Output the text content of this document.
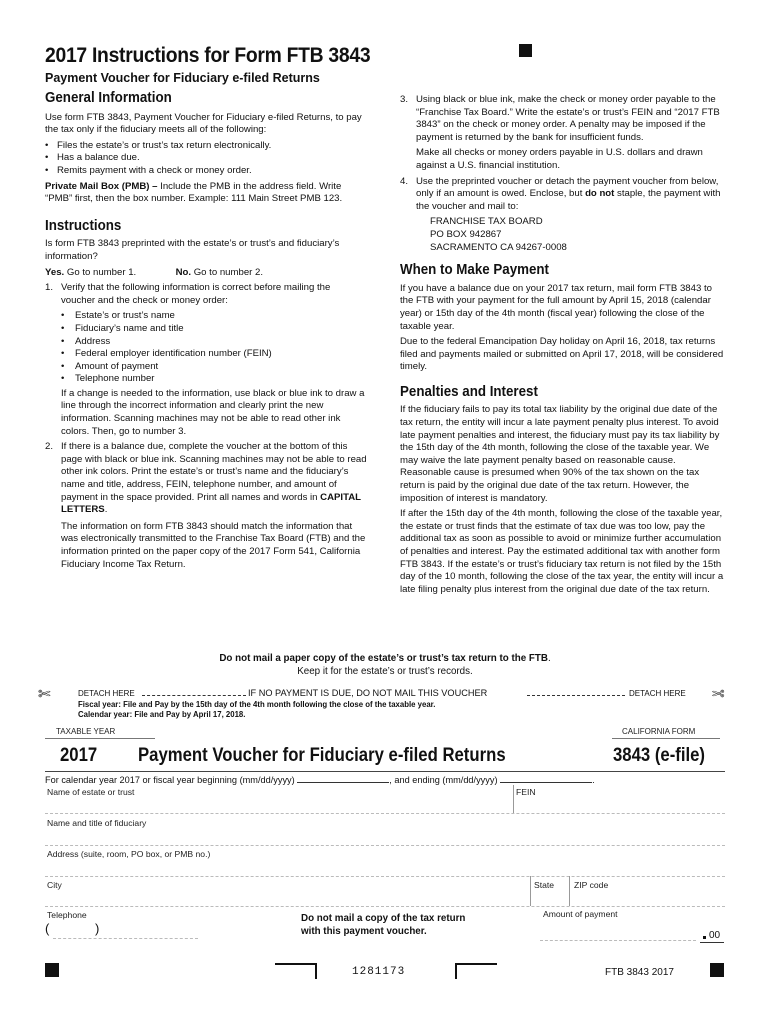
2017 Instructions for Form FTB 3843
Payment Voucher for Fiduciary e-filed Returns
General Information

Use form FTB 3843, Payment Voucher for Fiduciary e-filed Returns, to pay the tax only if the fiduciary meets all of the following:

• Files the estate’s or trust’s tax return electronically.
• Has a balance due.
• Remits payment with a check or money order.

Private Mail Box (PMB) – Include the PMB in the address field. Write “PMB” first, then the box number. Example: 111 Main Street PMB 123.

Instructions

Is form FTB 3843 preprinted with the estate’s or trust’s and fiduciary’s information?

Yes. Go to number 1.	No. Go to number 2.

1. Verify that the following information is correct before mailing the voucher and the check or money order:
• Estate’s or trust’s name
• Fiduciary’s name and title
• Address
• Federal employer identification number (FEIN)
• Amount of payment
• Telephone number

If a change is needed to the information, use black or blue ink to draw a line through the incorrect information and clearly print the new information. Scanning machines may not be able to read other ink colors. Then, go to number 3.

2. If there is a balance due, complete the voucher at the bottom of this page with black or blue ink. Scanning machines may not be able to read other ink colors. Print the estate’s or trust’s name and the fiduciary’s name and title, address, FEIN, telephone number, and amount of payment in the space provided. Print all names and words in CAPITAL LETTERS.

The information on form FTB 3843 should match the information that was electronically transmitted to the Franchise Tax Board (FTB) and the information printed on the paper copy of the 2017 Form 541, California Fiduciary Income Tax Return.

3. Using black or blue ink, make the check or money order payable to the “Franchise Tax Board.” Write the estate’s or trust’s FEIN and “2017 FTB 3843” on the check or money order. A penalty may be imposed if the payment is returned by the bank for insufficient funds.

Make all checks or money orders payable in U.S. dollars and drawn against a U.S. financial institution.

4. Use the preprinted voucher or detach the payment voucher from below, only if an amount is owed. Enclose, but do not staple, the payment with the voucher and mail to:
FRANCHISE TAX BOARD
PO BOX 942867
SACRAMENTO CA 94267-0008
When to Make Payment

If you have a balance due on your 2017 tax return, mail form FTB 3843 to the FTB with your payment for the full amount by April 15, 2018 (calendar year) or 15th day of the 4th month (fiscal year) following the close of the taxable year.

Due to the federal Emancipation Day holiday on April 16, 2018, tax returns filed and payments mailed or submitted on April 17, 2018, will be considered timely.

Penalties and Interest

If the fiduciary fails to pay its total tax liability by the original due date of the tax return, the entity will incur a late payment penalty plus interest. To avoid late payment penalties and interest, the fiduciary must pay its tax liability by the 15th day of the 4th month, following the close of the taxable year. We may waive the late payment penalty based on reasonable cause. Reasonable cause is presumed when 90% of the tax shown on the tax return is paid by the original due date of the tax return. However, the imposition of interest is mandatory.

If after the 15th day of the 4th month, following the close of the taxable year, the estate or trust finds that the estimate of tax due was too low, pay the additional tax as soon as possible to avoid or minimize further accumulation of penalties and interest. Pay the estimated additional tax with another form FTB 3843. If the estate’s or trust’s fiduciary tax return is not filed by the 15th day of the 10 month, following the close of the tax year, the entity will incur a late filing penalty plus interest from the original due date of the tax return.

Do not mail a paper copy of the estate’s or trust’s tax return to the FTB.
Keep it for the estate’s or trust’s records.
✄	✄
DETACH HERE	IF NO PAYMENT IS DUE, DO NOT MAIL THIS VOUCHER	DETACH HERE
Fiscal year: File and Pay by the 15th day of the 4th month following the close of the taxable year.
Calendar year: File and Pay by April 17, 2018.
TAXABLE YEAR	CALIFORNIA FORM
2017 Payment Voucher for Fiduciary e-filed Returns	3843 (e-file)
For calendar year 2017 or fiscal year beginning (mm/dd/yyyy)	, and ending (mm/dd/yyyy)	.
Name of estate or trust	FEIN
Name and title of fiduciary
Address (suite, room, PO box, or PMB no.)
City	State ZIP code
Telephone
(	)
Do not mail a copy of the tax return
with this payment voucher.
Amount of payment
00
1281173	FTB 3843 2017
